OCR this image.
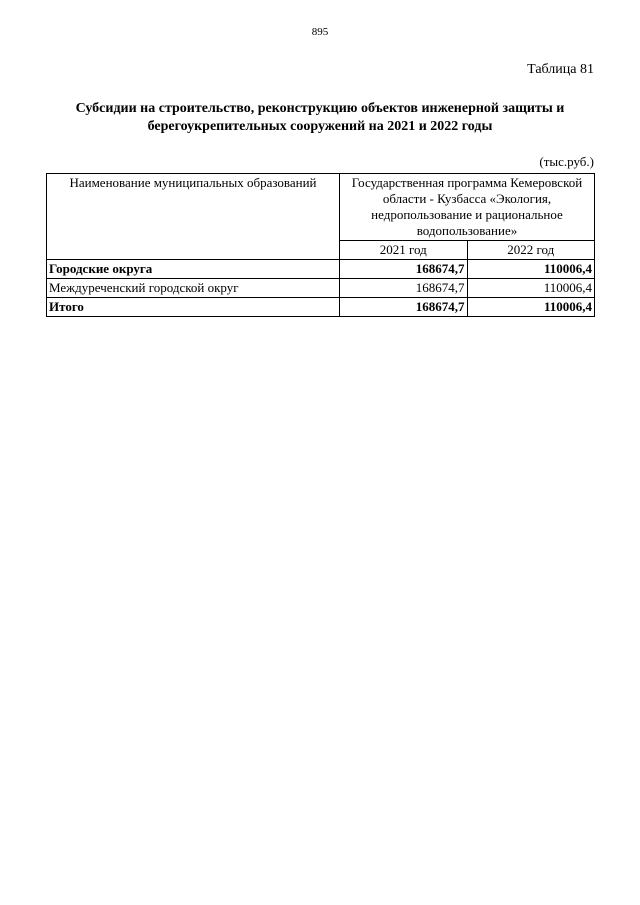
895
Таблица 81
Субсидии на строительство, реконструкцию объектов инженерной защиты и берегоукрепительных сооружений на 2021 и 2022 годы
(тыс.руб.)
Наименование муниципальных образований	Государственная программа Кемеровской области - Кузбасса «Экология, недропользование и рациональное водопользование»	
	2021 год	2022 год
Городские округа	168674,7	110006,4
Междуреченский городской округ	168674,7	110006,4
Итого	168674,7	110006,4
